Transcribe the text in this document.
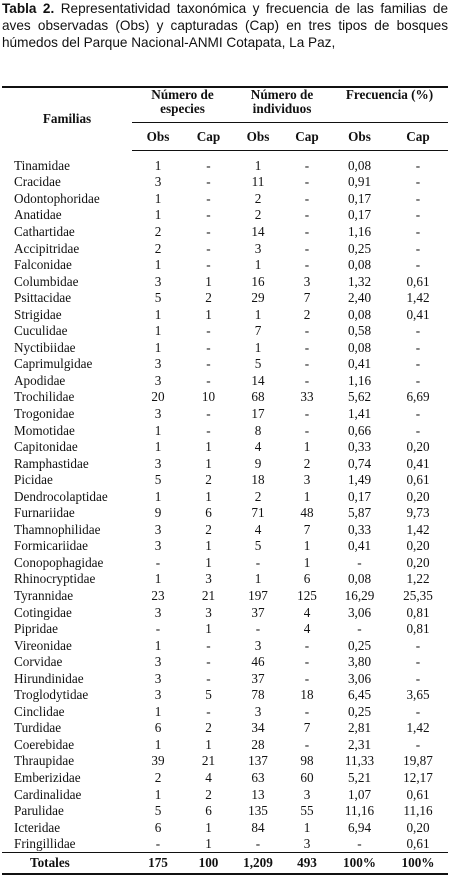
Tabla 2. Representatividad taxonómica y frecuencia de las familias de aves observadas (Obs) y capturadas (Cap) en tres tipos de bosques húmedos del Parque Nacional-ANMI Cotapata, La Paz,
Familias	Número de especies		Número de individuos		Frecuencia (%)	
	Obs	Cap	Obs	Cap	Obs	Cap

Tinamidae	1	-	1	-	0,08	-
Cracidae	3	-	11	-	0,91	-
Odontophoridae	1	-	2	-	0,17	-
Anatidae	1	-	2	-	0,17	-
Cathartidae	2	-	14	-	1,16	-
Accipitridae	2	-	3	-	0,25	-
Falconidae	1	-	1	-	0,08	-
Columbidae	3	1	16	3	1,32	0,61
Psittacidae	5	2	29	7	2,40	1,42
Strigidae	1	1	1	2	0,08	0,41
Cuculidae	1	-	7	-	0,58	-
Nyctibiidae	1	-	1	-	0,08	-
Caprimulgidae	3	-	5	-	0,41	-
Apodidae	3	-	14	-	1,16	-
Trochilidae	20	10	68	33	5,62	6,69
Trogonidae	3	-	17	-	1,41	-
Momotidae	1	-	8	-	0,66	-
Capitonidae	1	1	4	1	0,33	0,20
Ramphastidae	3	1	9	2	0,74	0,41
Picidae	5	2	18	3	1,49	0,61
Dendrocolaptidae	1	1	2	1	0,17	0,20
Furnariidae	9	6	71	48	5,87	9,73
Thamnophilidae	3	2	4	7	0,33	1,42
Formicariidae	3	1	5	1	0,41	0,20
Conopophagidae	-	1	-	1	-	0,20
Rhinocryptidae	1	3	1	6	0,08	1,22
Tyrannidae	23	21	197	125	16,29	25,35
Cotingidae	3	3	37	4	3,06	0,81
Pipridae	-	1	-	4	-	0,81
Vireonidae	1	-	3	-	0,25	-
Corvidae	3	-	46	-	3,80	-
Hirundinidae	3	-	37	-	3,06	-
Troglodytidae	3	5	78	18	6,45	3,65
Cinclidae	1	-	3	-	0,25	-
Turdidae	6	2	34	7	2,81	1,42
Coerebidae	1	1	28	-	2,31	-
Thraupidae	39	21	137	98	11,33	19,87
Emberizidae	2	4	63	60	5,21	12,17
Cardinalidae	1	2	13	3	1,07	0,61
Parulidae	5	6	135	55	11,16	11,16
Icteridae	6	1	84	1	6,94	0,20
Fringillidae	-	1	-	3	-	0,61
Totales	175	100	1,209	493	100%	100%
